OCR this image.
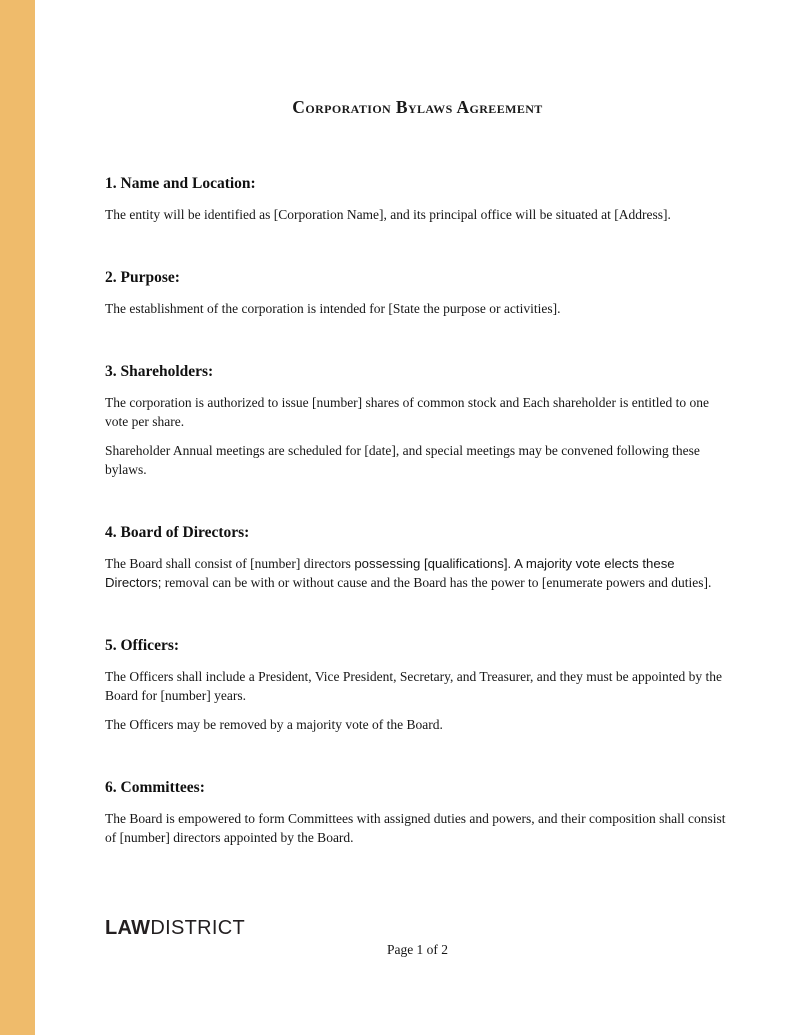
Corporation Bylaws Agreement
1. Name and Location:

The entity will be identified as [Corporation Name], and its principal office will be situated at [Address].

2. Purpose:

The establishment of the corporation is intended for [State the purpose or activities].

3. Shareholders:

The corporation is authorized to issue [number] shares of common stock and Each shareholder is entitled to one vote per share.

Shareholder Annual meetings are scheduled for [date], and special meetings may be convened following these bylaws.

4. Board of Directors:

The Board shall consist of [number] directors possessing [qualifications]. A majority vote elects these Directors; removal can be with or without cause and the Board has the power to [enumerate powers and duties].

5. Officers:

The Officers shall include a President, Vice President, Secretary, and Treasurer, and they must be appointed by the Board for [number] years.

The Officers may be removed by a majority vote of the Board.

6. Committees:

The Board is empowered to form Committees with assigned duties and powers, and their composition shall consist of [number] directors appointed by the Board.

LAWDISTRICT
Page 1 of 2
